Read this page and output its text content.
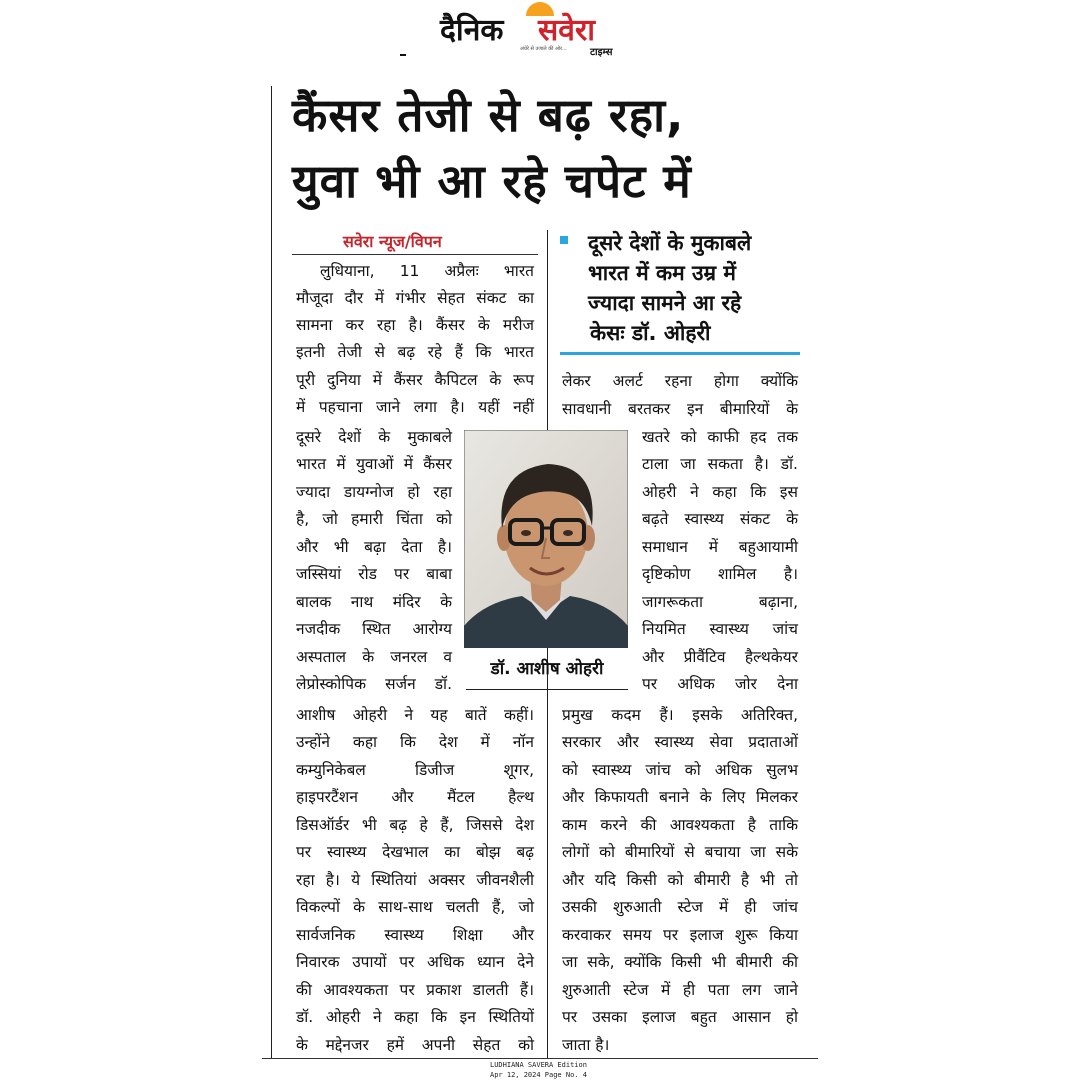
दैनिक सवेरा
अंधेरे से उजाले की ओर... टाइम्स
कैंसर तेजी से बढ़ रहा,
युवा भी आ रहे चपेट में
सवेरा न्यूज/विपन	दूसरे देशों के मुकाबले
भारत में कम उम्र में
ज्यादा सामने आ रहे
केसः डॉ. ओहरी
लुधियाना, 11 अप्रैलः भारत
मौजूदा दौर में गंभीर सेहत संकट का
सामना कर रहा है। कैंसर के मरीज
इतनी तेजी से बढ़ रहे हैं कि भारत
पूरी दुनिया में कैंसर कैपिटल के रूप
में पहचाना जाने लगा है। यहीं नहीं
दूसरे देशों के मुकाबले
भारत में युवाओं में कैंसर
ज्यादा डायग्नोज हो रहा
है, जो हमारी चिंता को
और भी बढ़ा देता है।
जस्सियां रोड पर बाबा
बालक नाथ मंदिर के
नजदीक स्थित आरोग्य
अस्पताल के जनरल व
लेप्रोस्कोपिक सर्जन डॉ.
आशीष ओहरी ने यह बातें कहीं।
उन्होंने कहा कि देश में नॉन
कम्युनिकेबल डिजीज शूगर,
हाइपरटैंशन और मैंटल हैल्थ
डिसऑर्डर भी बढ़ हे हैं, जिससे देश
पर स्वास्थ्य देखभाल का बोझ बढ़
रहा है। ये स्थितियां अक्सर जीवनशैली
विकल्पों के साथ-साथ चलती हैं, जो
सार्वजनिक स्वास्थ्य शिक्षा और
निवारक उपायों पर अधिक ध्यान देने
की आवश्यकता पर प्रकाश डालती हैं।
डॉ. ओहरी ने कहा कि इन स्थितियों
के मद्देनजर हमें अपनी सेहत को
लेकर अलर्ट रहना होगा क्योंकि
सावधानी बरतकर इन बीमारियों के
खतरे को काफी हद तक
टाला जा सकता है। डॉ.
ओहरी ने कहा कि इस
बढ़ते स्वास्थ्य संकट के
समाधान में बहुआयामी
दृष्टिकोण शामिल है।
जागरूकता बढ़ाना,
नियमित स्वास्थ्य जांच
और प्रीवैंटिव हैल्थकेयर
पर अधिक जोर देना
प्रमुख कदम हैं। इसके अतिरिक्त,
सरकार और स्वास्थ्य सेवा प्रदाताओं
को स्वास्थ्य जांच को अधिक सुलभ
और किफायती बनाने के लिए मिलकर
काम करने की आवश्यकता है ताकि
लोगों को बीमारियों से बचाया जा सके
और यदि किसी को बीमारी है भी तो
उसकी शुरुआती स्टेज में ही जांच
करवाकर समय पर इलाज शुरू किया
जा सके, क्योंकि किसी भी बीमारी की
शुरुआती स्टेज में ही पता लग जाने
पर उसका इलाज बहुत आसान हो
जाता है।
डॉ. आशीष ओहरी
LUDHIANA SAVERA Edition
Apr 12, 2024 Page No. 4
